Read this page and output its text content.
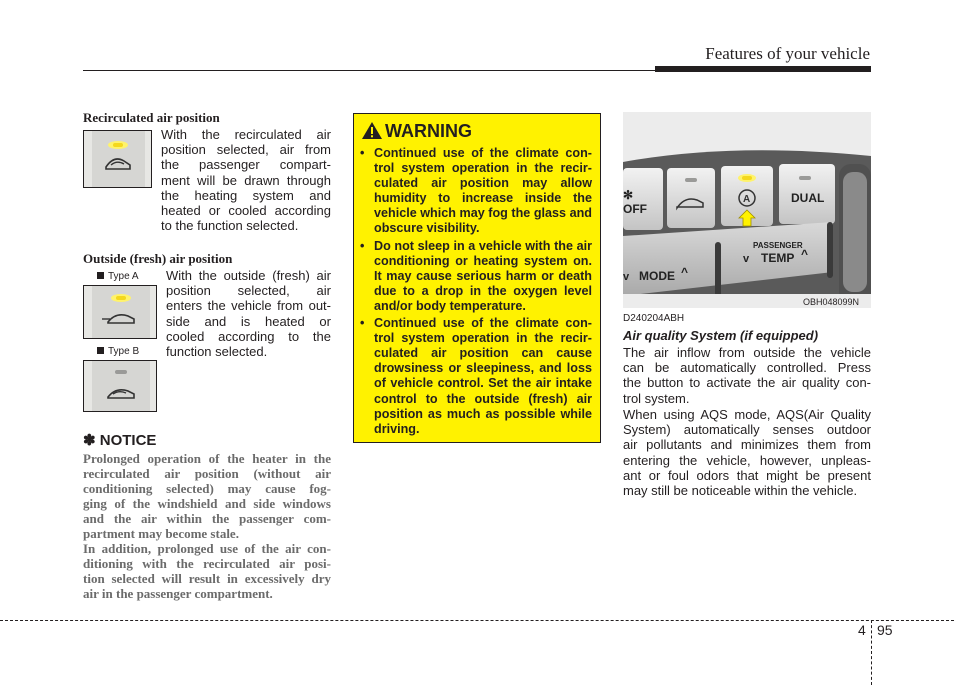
Features of your vehicle
Recirculated air position
With the recirculated air
position selected, air from
the passenger compart-
ment will be drawn through
the heating system and
heated or cooled according
to the function selected.
Outside (fresh) air position
Type A
Type B
With the outside (fresh) air
position selected, air
enters the vehicle from out-
side and is heated or
cooled according to the
function selected.
✽ NOTICE
Prolonged operation of the heater in the
recirculated air position (without air
conditioning selected) may cause fog-
ging of the windshield and side windows
and the air within the passenger com-
partment may become stale.
In addition, prolonged use of the air con-
ditioning with the recirculated air posi-
tion selected will result in excessively dry
air in the passenger compartment.
WARNING
• Continued use of the climate con-trol system operation in the recir-culated air position may allow humidity to increase inside the vehicle which may fog the glass and obscure visibility.
• Do not sleep in a vehicle with the air conditioning or heating system on. It may cause serious harm or death due to a drop in the oxygen level and/or body temperature.
• Continued use of the climate con-trol system operation in the recir-culated air position can cause drowsiness or sleepiness, and loss of vehicle control. Set the air intake control to the outside (fresh) air position as much as possible while driving.
✻
OFF
A	DUAL
PASSENGER
v TEMP ^
v MODE ^
OBH048099N
D240204ABH
Air quality System (if equipped)
The air inflow from outside the vehicle
can be automatically controlled. Press
the button to activate the air quality con-
trol system.
When using AQS mode, AQS(Air Quality
System) automatically senses outdoor
air pollutants and minimizes them from
entering the vehicle, however, unpleas-
ant or foul odors that might be present
may still be noticeable within the vehicle.
4 95
